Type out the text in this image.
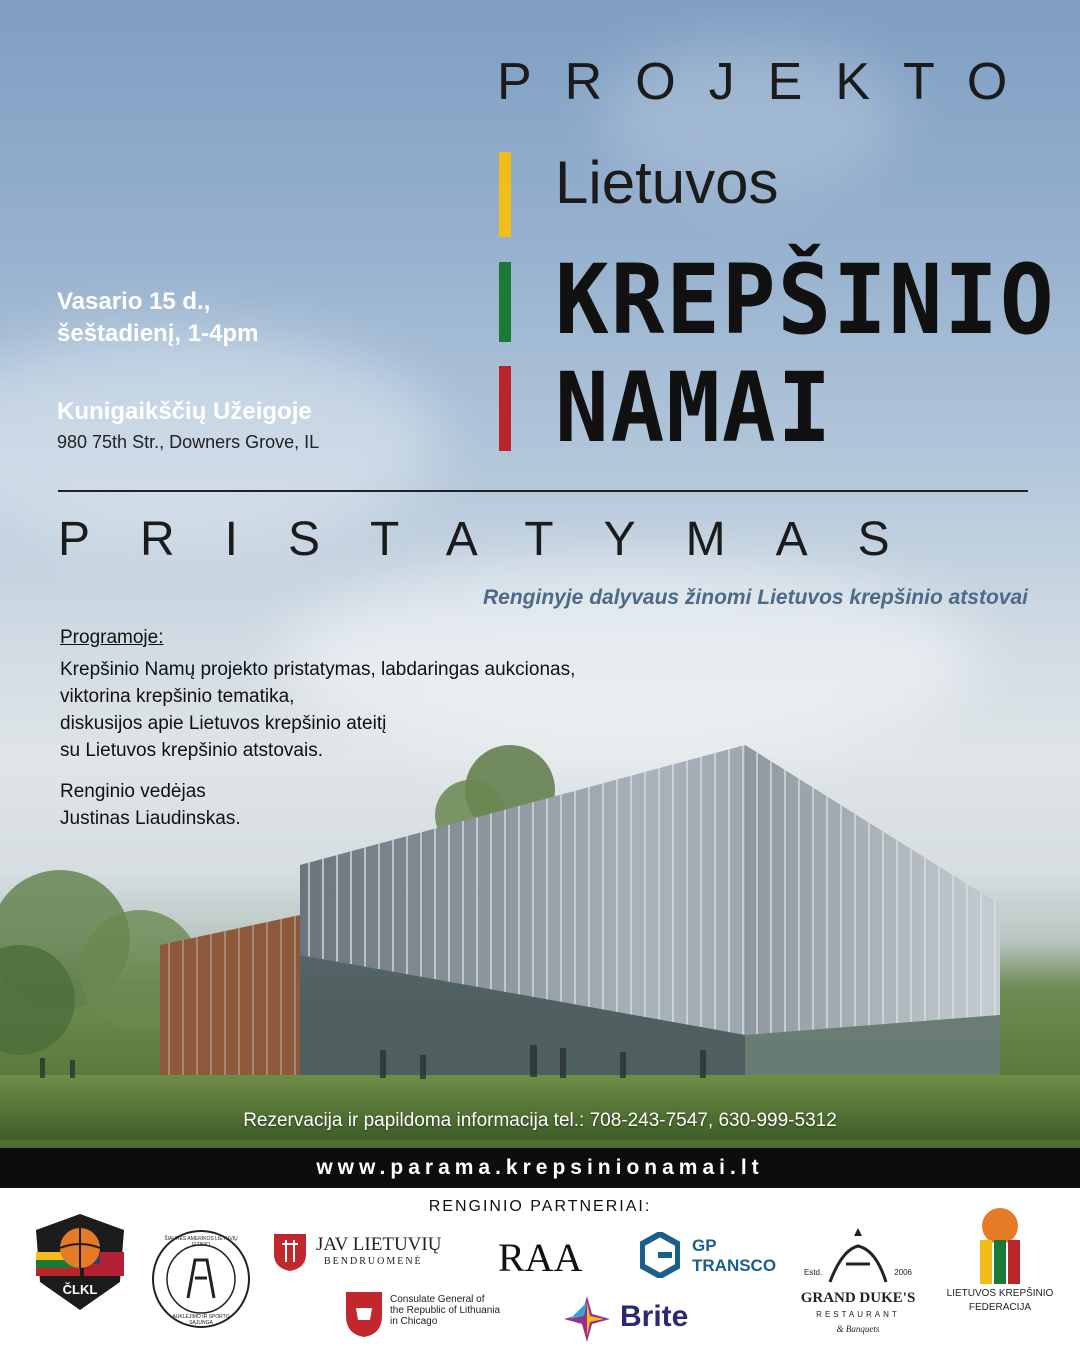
PROJEKTO
Lietuvos
KREPŠINIO
NAMAI
Vasario 15 d.,
šeštadienį, 1-4pm
Kunigaikščių Užeigoje
980 75th Str., Downers Grove, IL
PRISTATYMAS
Renginyje dalyvaus žinomi Lietuvos krepšinio atstovai
Programoje:
Krepšinio Namų projekto pristatymas, labdaringas aukcionas,
viktorina krepšinio tematika,
diskusijos apie Lietuvos krepšinio ateitį
su Lietuvos krepšinio atstovais.
Renginio vedėjas
Justinas Liaudinskas.
Rezervacija ir papildoma informacija tel.: 708-243-7547, 630-999-5312
www.parama.krepsinionamai.lt
RENGINIO PARTNERIAI:
ČLKL
ŠIAURĖS AMERIKOS LIETUVIŲ FIZINIO
AUKLĖJIMO IR SPORTO SĄJUNGA
JAV LIETUVIŲ
BENDRUOMENĖ RAA	GP
TRANSCO
Consulate General of
the Republic of Lithuania
in Chicago	Brite
Estd.	2006
GRAND DUKE'S
RESTAURANT
& Banquets
LIETUVOS KREPŠINIO
FEDERACIJA
